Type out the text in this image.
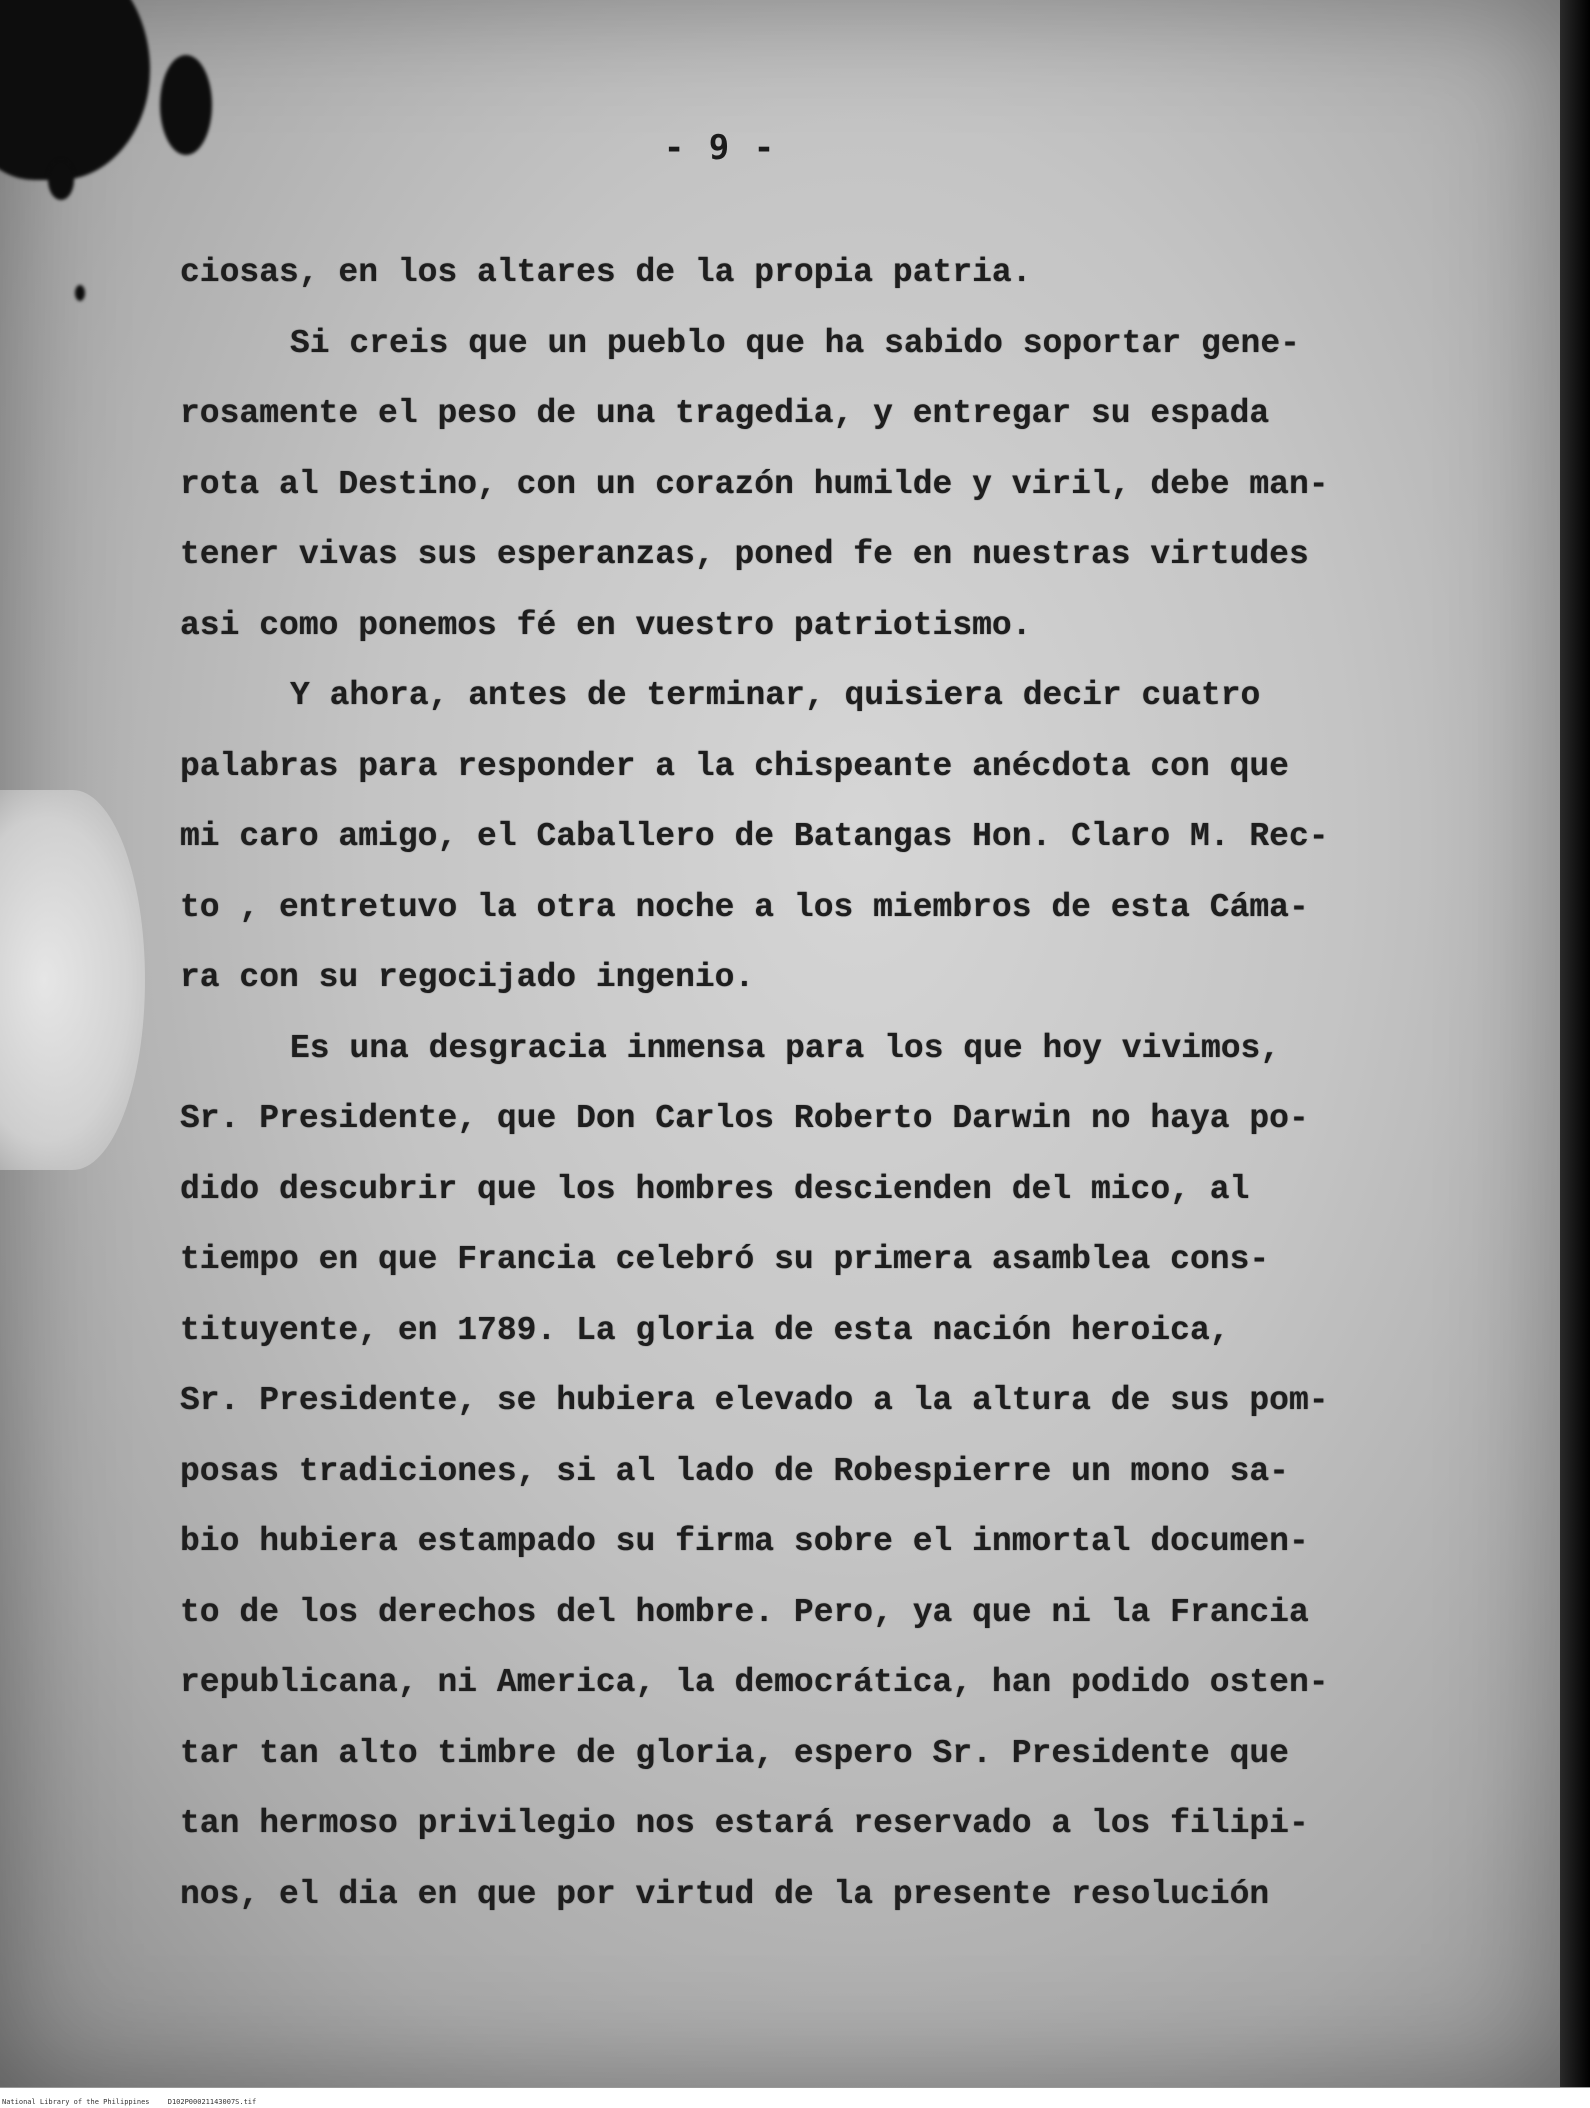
- 9 -
ciosas, en los altares de la propia patria.
Si creis que un pueblo que ha sabido soportar gene-
rosamente el peso de una tragedia, y entregar su espada
rota al Destino, con un corazón humilde y viril, debe man-
tener vivas sus esperanzas, poned fe en nuestras virtudes
asi como ponemos fé en vuestro patriotismo.
Y ahora, antes de terminar, quisiera decir cuatro
palabras para responder a la chispeante anécdota con que
mi caro amigo, el Caballero de Batangas Hon. Claro M. Rec-
to , entretuvo la otra noche a los miembros de esta Cáma-
ra con su regocijado ingenio.
Es una desgracia inmensa para los que hoy vivimos,
Sr. Presidente, que Don Carlos Roberto Darwin no haya po-
dido descubrir que los hombres descienden del mico, al
tiempo en que Francia celebró su primera asamblea cons-
tituyente, en 1789. La gloria de esta nación heroica,
Sr. Presidente, se hubiera elevado a la altura de sus pom-
posas tradiciones, si al lado de Robespierre un mono sa-
bio hubiera estampado su firma sobre el inmortal documen-
to de los derechos del hombre. Pero, ya que ni la Francia
republicana, ni America, la democrática, han podido osten-
tar tan alto timbre de gloria, espero Sr. Presidente que
tan hermoso privilegio nos estará reservado a los filipi-
nos, el dia en que por virtud de la presente resolución
National Library of the Philippines	D102P00021143007S.tif
